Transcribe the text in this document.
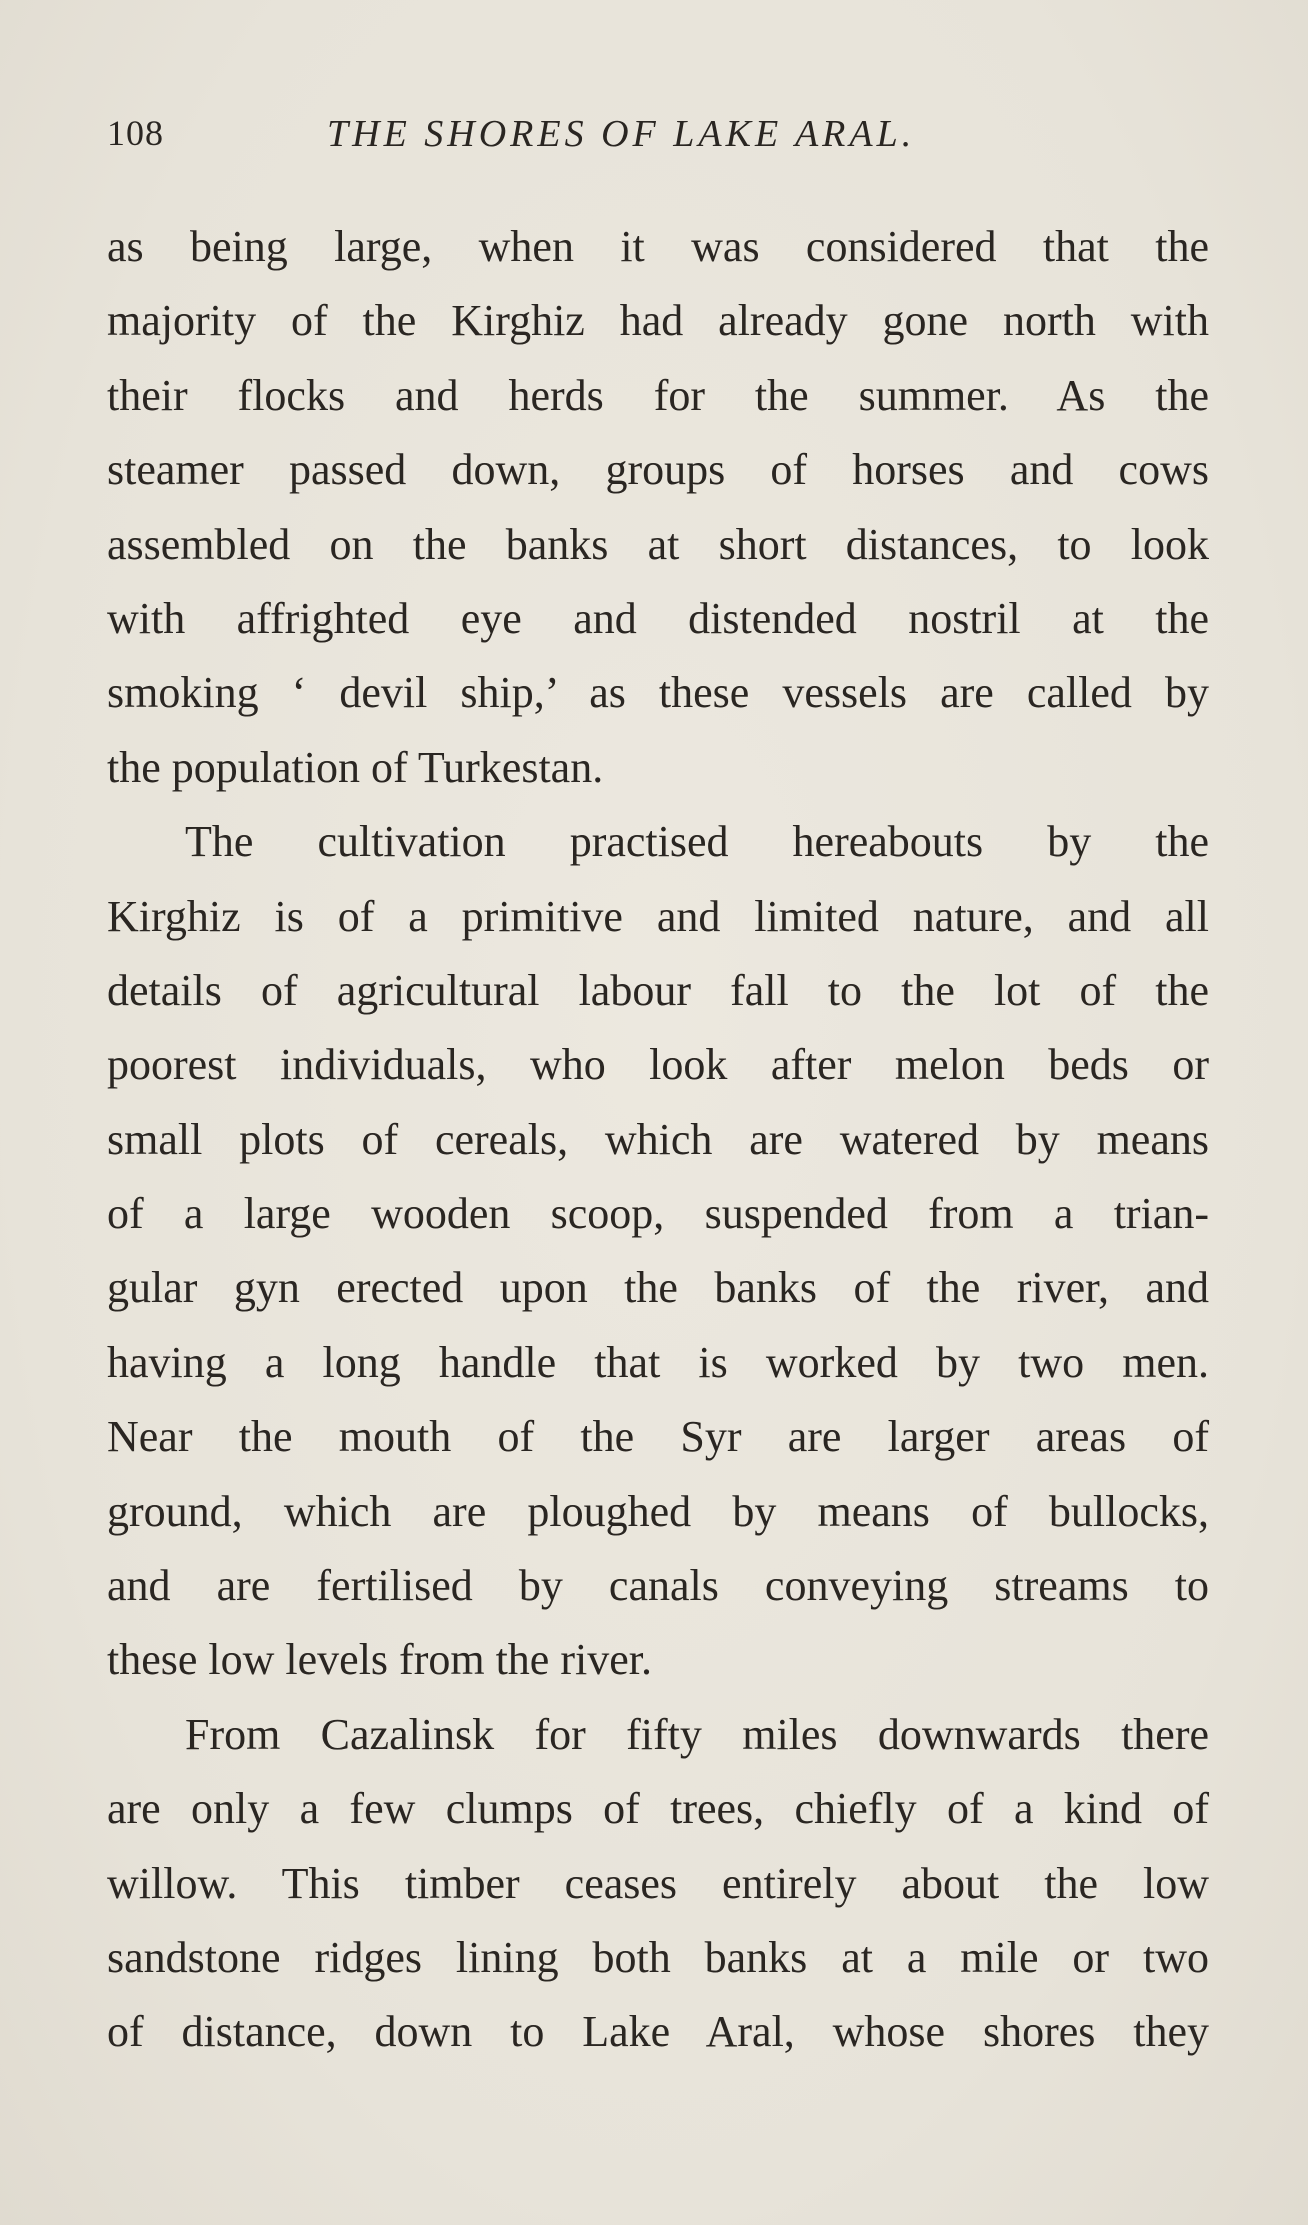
108	THE SHORES OF LAKE ARAL.
as being large, when it was considered that the
majority of the Kirghiz had already gone north with
their flocks and herds for the summer. As the
steamer passed down, groups of horses and cows
assembled on the banks at short distances, to look
with affrighted eye and distended nostril at the
smoking ‘ devil ship,’ as these vessels are called by
the population of Turkestan.
The cultivation practised hereabouts by the
Kirghiz is of a primitive and limited nature, and all
details of agricultural labour fall to the lot of the
poorest individuals, who look after melon beds or
small plots of cereals, which are watered by means
of a large wooden scoop, suspended from a trian-
gular gyn erected upon the banks of the river, and
having a long handle that is worked by two men.
Near the mouth of the Syr are larger areas of
ground, which are ploughed by means of bullocks,
and are fertilised by canals conveying streams to
these low levels from the river.
From Cazalinsk for fifty miles downwards there
are only a few clumps of trees, chiefly of a kind of
willow. This timber ceases entirely about the low
sandstone ridges lining both banks at a mile or two
of distance, down to Lake Aral, whose shores they
